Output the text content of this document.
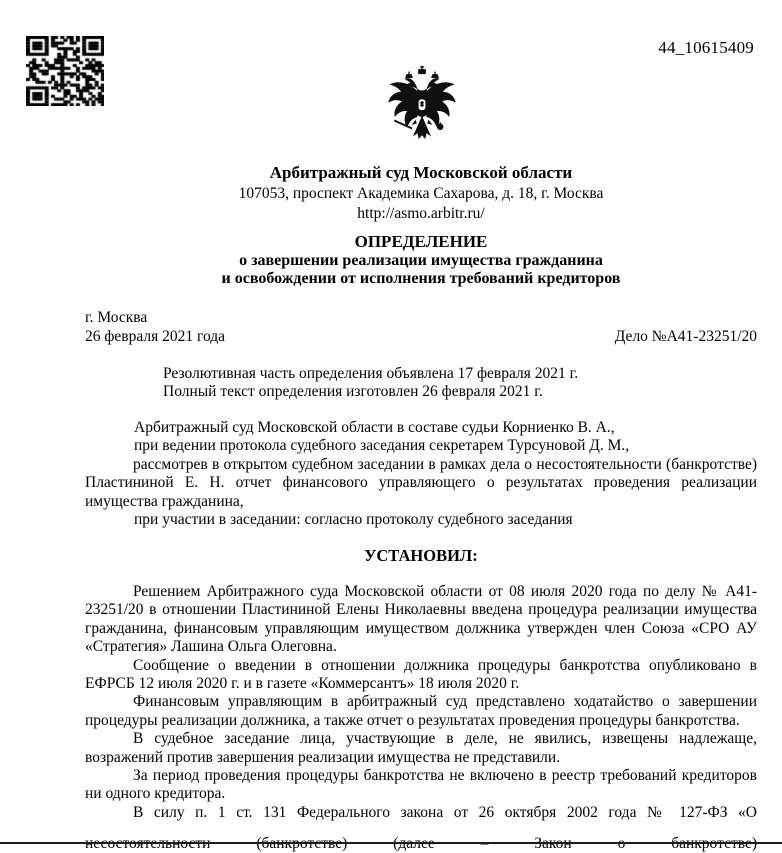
44_10615409
Арбитражный суд Московской области
107053, проспект Академика Сахарова, д. 18, г. Москва
http://asmo.arbitr.ru/
ОПРЕДЕЛЕНИЕ
о завершении реализации имущества гражданина
и освобождении от исполнения требований кредиторов
г. Москва
26 февраля 2021 года	Дело №А41-23251/20
Резолютивная часть определения объявлена 17 февраля 2021 г.
Полный текст определения изготовлен 26 февраля 2021 г.
Арбитражный суд Московской области в составе судьи Корниенко В. А.,
при ведении протокола судебного заседания секретарем Турсуновой Д. М.,

рассмотрев в открытом судебном заседании в рамках дела о несостоятельности (банкротстве) Пластининой Е. Н. отчет финансового управляющего о результатах проведения реализации имущества гражданина,

при участии в заседании: согласно протоколу судебного заседания
УСТАНОВИЛ:

Решением Арбитражного суда Московской области от 08 июля 2020 года по делу № А41-23251/20 в отношении Пластининой Елены Николаевны введена процедура реализации имущества гражданина, финансовым управляющим имуществом должника утвержден член Союза «СРО АУ «Стратегия» Лашина Ольга Олеговна.

Сообщение о введении в отношении должника процедуры банкротства опубликовано в ЕФРСБ 12 июля 2020 г. и в газете «Коммерсантъ» 18 июля 2020 г.

Финансовым управляющим в арбитражный суд представлено ходатайство о завершении процедуры реализации должника, а также отчет о результатах проведения процедуры банкротства.

В судебное заседание лица, участвующие в деле, не явились, извещены надлежаще, возражений против завершения реализации имущества не представили.

За период проведения процедуры банкротства не включено в реестр требований кредиторов ни одного кредитора.

В силу п. 1 ст. 131 Федерального закона от 26 октября 2002 года № 127-ФЗ «О
